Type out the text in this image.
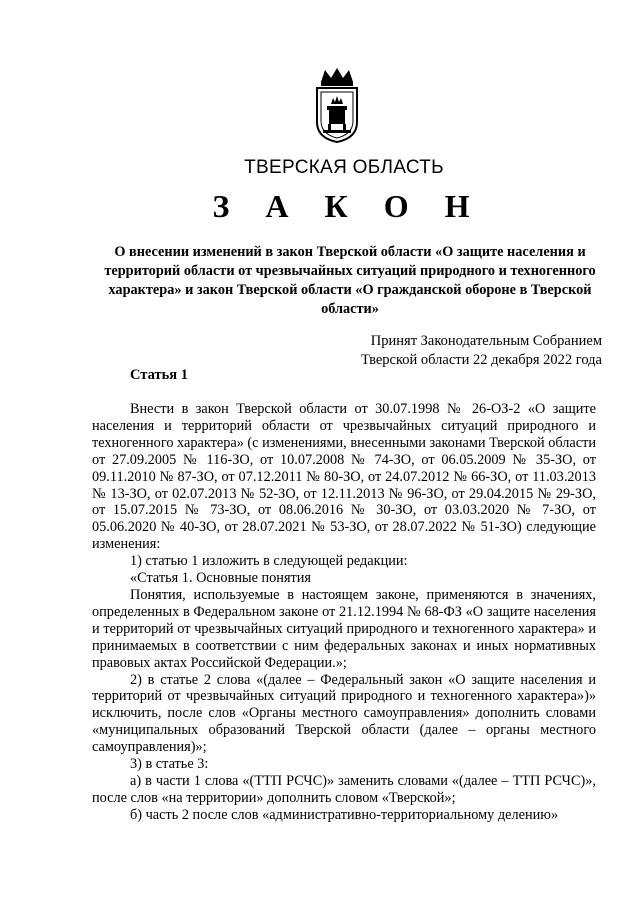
ТВЕРСКАЯ ОБЛАСТЬ
З А К О Н
О внесении изменений в закон Тверской области «О защите населения и территорий области от чрезвычайных ситуаций природного и техногенного характера» и закон Тверской области «О гражданской обороне в Тверской области»
Принят Законодательным Собранием
Тверской области 22 декабря 2022 года
Статья 1

Внести в закон Тверской области от 30.07.1998 № 26-ОЗ-2 «О защите населения и территорий области от чрезвычайных ситуаций природного и техногенного характера» (с изменениями, внесенными законами Тверской области от 27.09.2005 № 116-ЗО, от 10.07.2008 № 74-ЗО, от 06.05.2009 № 35-ЗО, от 09.11.2010 № 87-ЗО, от 07.12.2011 № 80-ЗО, от 24.07.2012 № 66-ЗО, от 11.03.2013 № 13-ЗО, от 02.07.2013 № 52-ЗО, от 12.11.2013 № 96-ЗО, от 29.04.2015 № 29-ЗО, от 15.07.2015 № 73-ЗО, от 08.06.2016 № 30-ЗО, от 03.03.2020 № 7-ЗО, от 05.06.2020 № 40-ЗО, от 28.07.2021 № 53-ЗО, от 28.07.2022 № 51-ЗО) следующие изменения:

1) статью 1 изложить в следующей редакции:

«Статья 1. Основные понятия

Понятия, используемые в настоящем законе, применяются в значениях, определенных в Федеральном законе от 21.12.1994 № 68-ФЗ «О защите населения и территорий от чрезвычайных ситуаций природного и техногенного характера» и принимаемых в соответствии с ним федеральных законах и иных нормативных правовых актах Российской Федерации.»;

2) в статье 2 слова «(далее – Федеральный закон «О защите населения и территорий от чрезвычайных ситуаций природного и техногенного характера»)» исключить, после слов «Органы местного самоуправления» дополнить словами «муниципальных образований Тверской области (далее – органы местного самоуправления)»;

3) в статье 3:

а) в части 1 слова «(ТТП РСЧС)» заменить словами «(далее – ТТП РСЧС)», после слов «на территории» дополнить словом «Тверской»;

б) часть 2 после слов «административно-территориальному делению»
